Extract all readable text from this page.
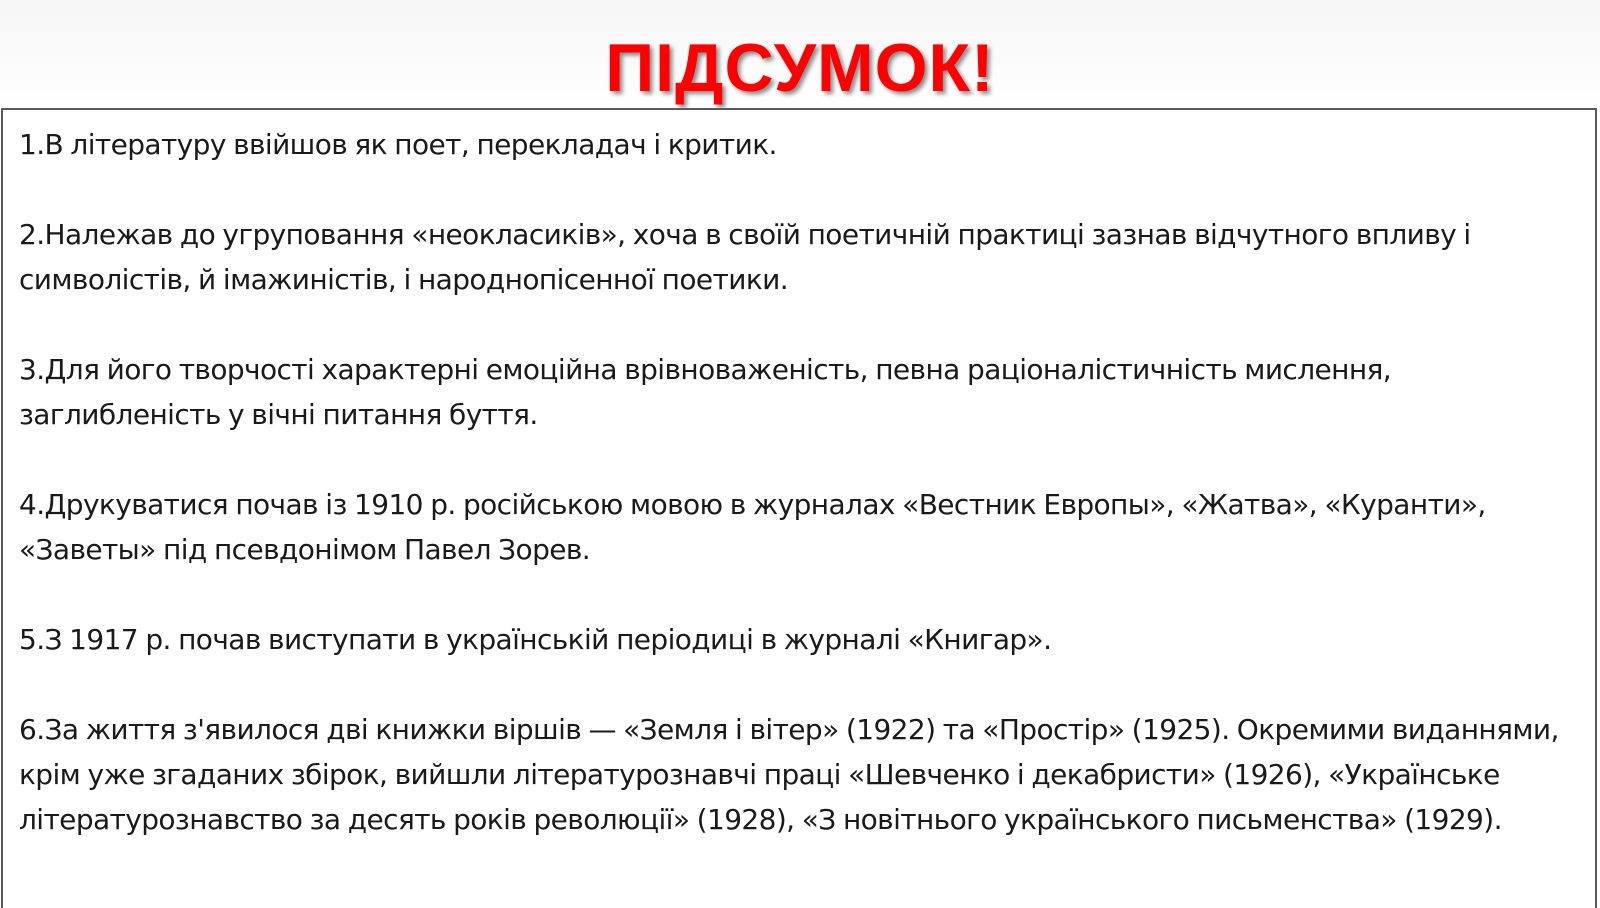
ПІДСУМОК!
1.В літературу ввійшов як поет, перекладач і критик.
2.Належав до угруповання «неокласиків», хоча в своїй поетичній практиці зазнав відчутного впливу і символістів, й імажиністів, і народнопісенної поетики.
3.Для його творчості характерні емоційна врівноваженість, певна раціоналістичність мислення, заглибленість у вічні питання буття.
4.Друкуватися почав із 1910 р. російською мовою в журналах «Вестник Европы», «Жатва», «Куранти», «Заветы» під псевдонімом Павел Зорев.
5.З 1917 р. почав виступати в українській періодиці в журналі «Книгар».
6.За життя з'явилося дві книжки віршів — «Земля і вітер» (1922) та «Простір» (1925). Окремими виданнями, крім уже згаданих збірок, вийшли літературознавчі праці «Шевченко і декабристи» (1926), «Українське літературознавство за десять років революції» (1928), «З новітнього українського письменства» (1929).
